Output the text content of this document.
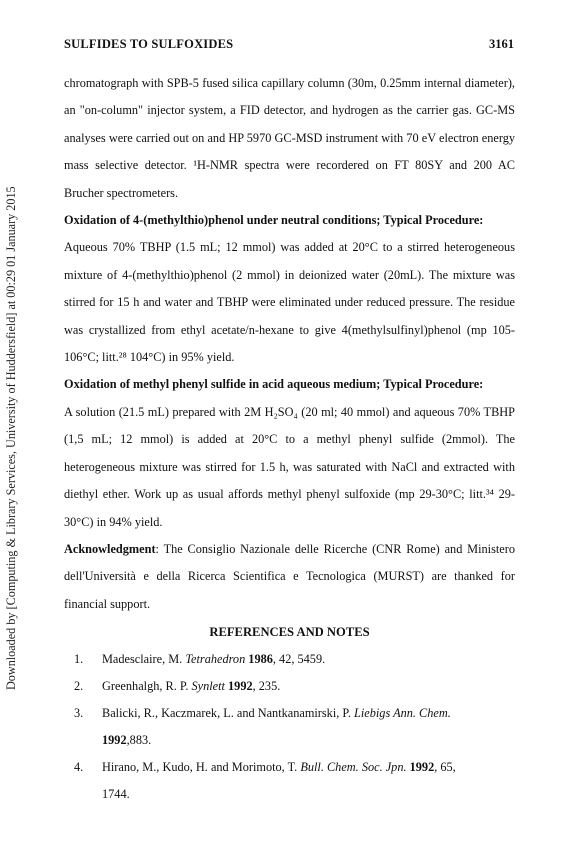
SULFIDES TO SULFOXIDES	3161
Downloaded by [Computing & Library Services, University of Huddersfield] at 00:29 01 January 2015

chromatograph with SPB-5 fused silica capillary column (30m, 0.25mm internal diameter), an "on-column" injector system, a FID detector, and hydrogen as the carrier gas. GC-MS analyses were carried out on and HP 5970 GC-MSD instrument with 70 eV electron energy mass selective detector. ¹H-NMR spectra were recordered on FT 80SY and 200 AC Brucher spectrometers.

Oxidation of 4-(methylthio)phenol under neutral conditions; Typical Procedure:
Aqueous 70% TBHP (1.5 mL; 12 mmol) was added at 20°C to a stirred heterogeneous mixture of 4-(methylthio)phenol (2 mmol) in deionized water (20mL). The mixture was stirred for 15 h and water and TBHP were eliminated under reduced pressure. The residue was crystallized from ethyl acetate/n-hexane to give 4(methylsulfinyl)phenol (mp 105-106°C; litt.²⁸ 104°C) in 95% yield.

Oxidation of methyl phenyl sulfide in acid aqueous medium; Typical Procedure:
A solution (21.5 mL) prepared with 2M H₂SO₄ (20 ml; 40 mmol) and aqueous 70% TBHP (1,5 mL; 12 mmol) is added at 20°C to a methyl phenyl sulfide (2mmol). The heterogeneous mixture was stirred for 1.5 h, was saturated with NaCl and extracted with diethyl ether. Work up as usual affords methyl phenyl sulfoxide (mp 29-30°C; litt.³⁴ 29-30°C) in 94% yield.

Acknowledgment: The Consiglio Nazionale delle Ricerche (CNR Rome) and Ministero dell'Università e della Ricerca Scientifica e Tecnologica (MURST) are thanked for financial support.

REFERENCES AND NOTES

1. Madesclaire, M. Tetrahedron 1986, 42, 5459.

2. Greenhalgh, R. P. Synlett 1992, 235.

3. Balicki, R., Kaczmarek, L. and Nantkanamirski, P. Liebigs Ann. Chem.
1992,883.

4. Hirano, M., Kudo, H. and Morimoto, T. Bull. Chem. Soc. Jpn. 1992, 65,
1744.
